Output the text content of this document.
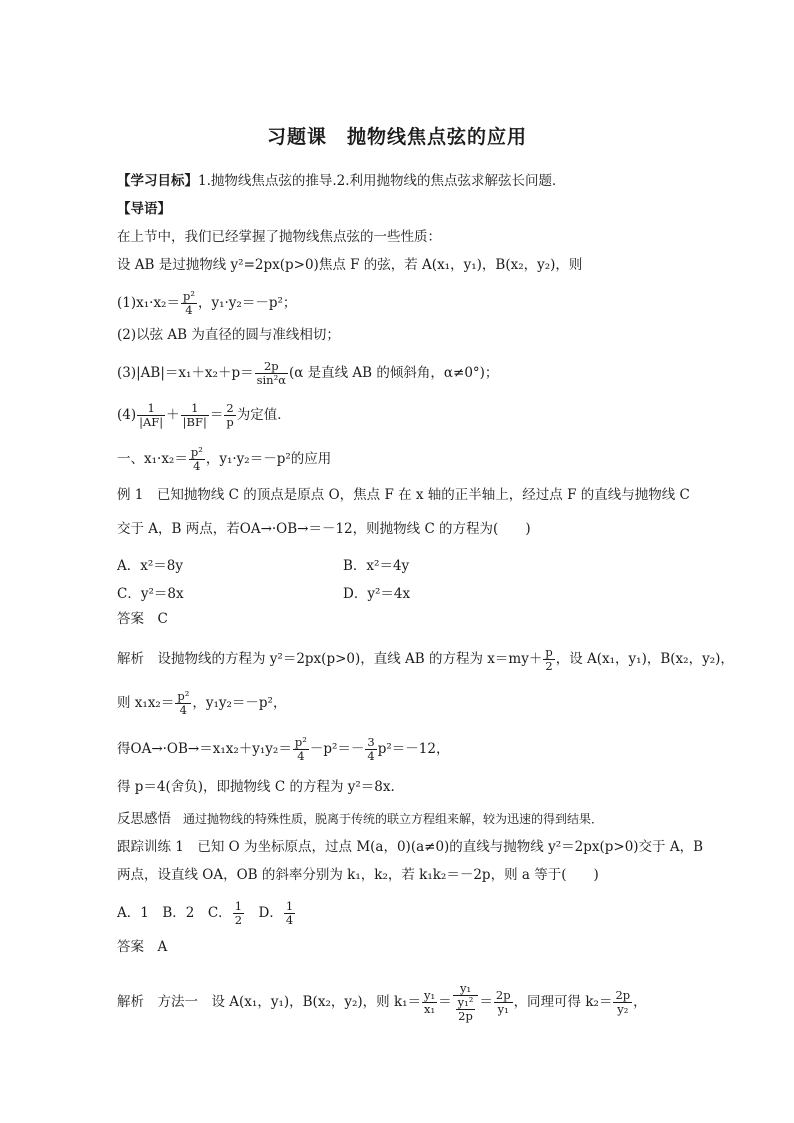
习题课　抛物线焦点弦的应用
【学习目标】1.抛物线焦点弦的推导.2.利用抛物线的焦点弦求解弦长问题．
【导语】
在上节中，我们已经掌握了抛物线焦点弦的一些性质：
设 AB 是过抛物线 y²=2px(p>0)焦点 F 的弦，若 A(x₁，y₁)，B(x₂，y₂)，则
$(1)x_1\cdot x_2= \frac{\text{p²}}{4}$ ，y₁·y₂＝－p²；
(2)以弦 AB 为直径的圆与准线相切；
$(3)|AB|=x_1+x_2+p= \frac{2p}{\text{sin²α}} (\alpha$ 是直线 AB 的倾斜角，α≠0°)；
$(4) \frac{1}{|AF|} + \frac{1}{|BF|} = \frac{2}{p}$ 为定值．
一、$x_1\cdot x_2= \frac{\text{p²}}{4}$ ，y₁·y₂＝－p²的应用
例 1　已知抛物线 C 的顶点是原点 O，焦点 F 在 x 轴的正半轴上，经过点 F 的直线与抛物线 C
交于 A，B 两点，若OA→·OB→＝－12，则抛物线 C 的方程为(　　)
A．x²＝8y	B．x²＝4y
C．y²＝8x	D．y²＝4x
答案　C
解析　设抛物线的方程为 y²＝2px(p>0)，直线 AB 的方程为 $x=my+ \frac{p}{2}$ ，设 A(x₁，y₁)，B(x₂，y₂)，
则 $x_1x_2= \frac{\text{p²}}{4}$ ，y₁y₂＝－p²，
得$OA\to\cdot OB\to=x_1x_2+y_1y_2= \frac{\text{p²}}{4} -p^2=- \frac{3}{4} p^2=-12$，
得 p＝4(舍负)，即抛物线 C 的方程为 y²＝8x.
反思感悟　通过抛物线的特殊性质，脱离于传统的联立方程组来解，较为迅速的得到结果．
跟踪训练 1　已知 O 为坐标原点，过点 M(a，0)(a≠0)的直线与抛物线 y²＝2px(p>0)交于 A，B
两点，设直线 OA，OB 的斜率分别为 k₁，k₂，若 k₁k₂＝－2p，则 a 等于(　　)
A．1　B．2　C． $\frac{1}{2}$ 　D． $\frac{1}{4}$
答案　A
解析　方法一　设 A(x₁，y₁)，B(x₂，y₂)，则 $k_1= \frac{\text{y₁}}{\text{x₁}} = \frac{\text{y₁}}{\frac{\text{y₁²}}{2p}} = \frac{2p}{\text{y₁}}$ ，同理可得 $k_2= \frac{2p}{\text{y₂}}$ ，
